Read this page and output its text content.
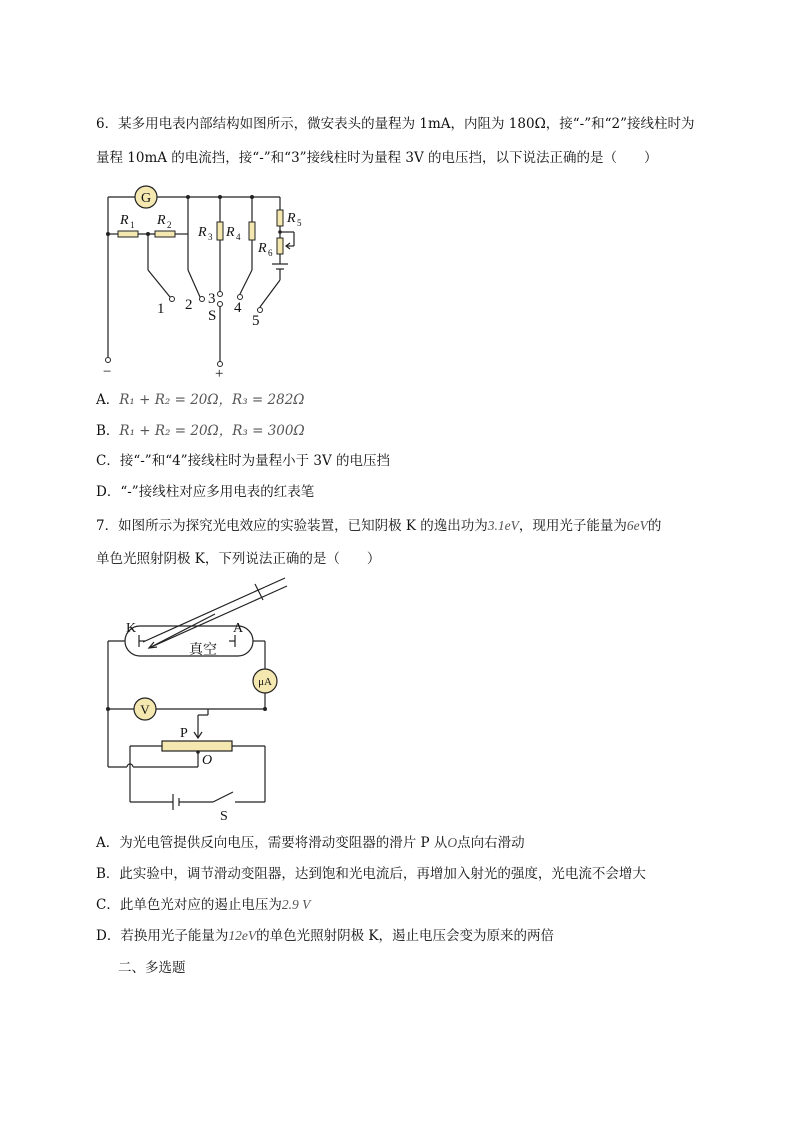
6．某多用电表内部结构如图所示，微安表头的量程为 1mA，内阻为 180Ω，接“-”和“2”接线柱时为
量程 10mA 的电流挡，接“-”和“3”接线柱时为量程 3V 的电压挡，以下说法正确的是（　　）
G
R 1 R 2 R 3 R 4
R 5
R 6
1 2 3
4
5
S
−	+
A．R₁ + R₂ = 20Ω，R₃ = 282Ω
B．R₁ + R₂ = 20Ω，R₃ = 300Ω
C．接“-”和“4”接线柱时为量程小于 3V 的电压挡
D．“-”接线柱对应多用电表的红表笔
7．如图所示为探究光电效应的实验装置，已知阴极 K 的逸出功为3.1eV，现用光子能量为6eV的
单色光照射阴极 K，下列说法正确的是（　　）
μA
V
K	A
真空
P
O
S
A．为光电管提供反向电压，需要将滑动变阻器的滑片 P 从O点向右滑动
B．此实验中，调节滑动变阻器，达到饱和光电流后，再增加入射光的强度，光电流不会增大
C．此单色光对应的遏止电压为2.9 V
D．若换用光子能量为12eV的单色光照射阴极 K，遏止电压会变为原来的两倍
二、多选题
